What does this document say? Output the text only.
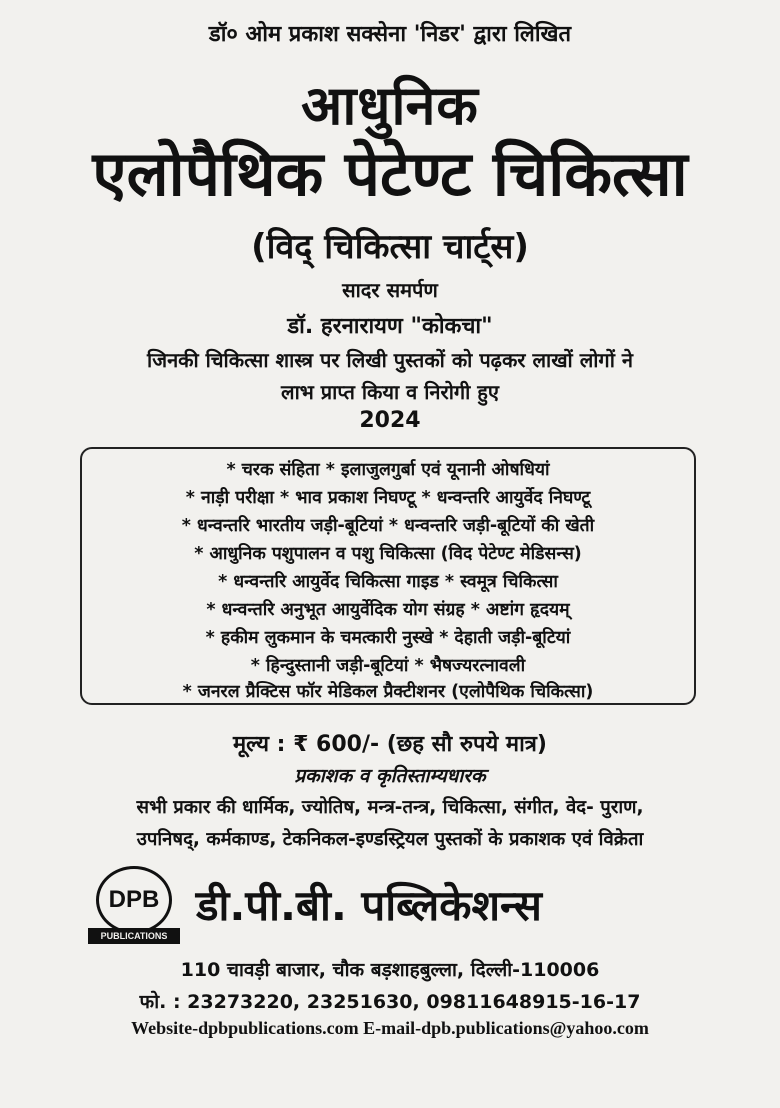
डॉ० ओम प्रकाश सक्सेना 'निडर' द्वारा लिखित
आधुनिक
एलोपैथिक पेटेण्ट चिकित्सा
(विद् चिकित्सा चार्ट्स)
सादर समर्पण
डॉ. हरनारायण "कोकचा"
जिनकी चिकित्सा शास्त्र पर लिखी पुस्तकों को पढ़कर लाखों लोगों ने
लाभ प्राप्त किया व निरोगी हुए
2024
* चरक संहिता * इलाजुलगुर्बा एवं यूनानी ओषधियां
* नाड़ी परीक्षा * भाव प्रकाश निघण्टू * धन्वन्तरि आयुर्वेद निघण्टू
* धन्वन्तरि भारतीय जड़ी-बूटियां * धन्वन्तरि जड़ी-बूटियों की खेती
* आधुनिक पशुपालन व पशु चिकित्सा (विद पेटेण्ट मेडिसन्स)
* धन्वन्तरि आयुर्वेद चिकित्सा गाइड * स्वमूत्र चिकित्सा
* धन्वन्तरि अनुभूत आयुर्वेदिक योग संग्रह * अष्टांग हृदयम्
* हकीम लुकमान के चमत्कारी नुस्खे * देहाती जड़ी-बूटियां
* हिन्दुस्तानी जड़ी-बूटियां * भैषज्यरत्नावली
* जनरल प्रैक्टिस फॉर मेडिकल प्रैक्टीशनर (एलोपैथिक चिकित्सा)
मूल्य : ₹ 600/- (छह सौ रुपये मात्र)
प्रकाशक व कृतिस्ताम्यधारक
सभी प्रकार की धार्मिक, ज्योतिष, मन्त्र-तन्त्र, चिकित्सा, संगीत, वेद- पुराण,
उपनिषद्, कर्मकाण्ड, टेकनिकल-इण्डस्ट्रियल पुस्तकों के प्रकाशक एवं विक्रेता
DPB
PUBLICATIONS
डी.पी.बी. पब्लिकेशन्स
110 चावड़ी बाजार, चौक बड़शाहबुल्ला, दिल्ली-110006
फो. : 23273220, 23251630, 09811648915-16-17
Website-dpbpublications.com E-mail-dpb.publications@yahoo.com
